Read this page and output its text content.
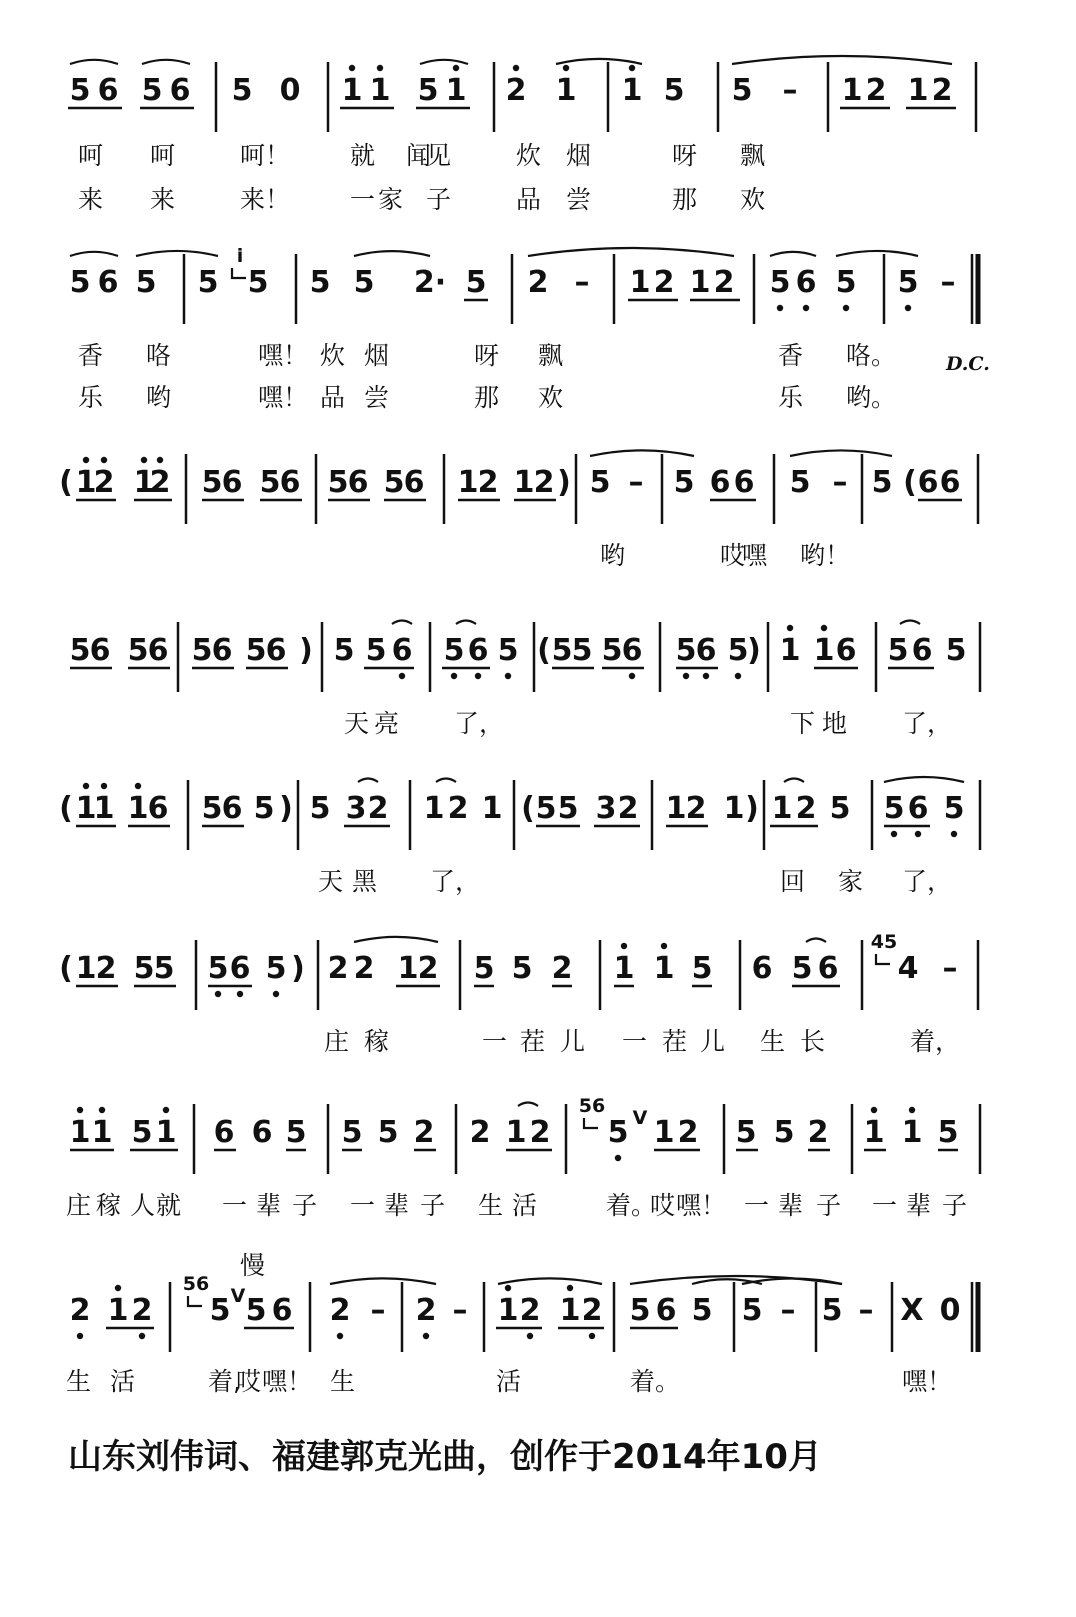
5 6 5 6 5 0 1 1 5 1 2 1 1 5 5 – 1 2 1 2
呵 呵	呵！ 就 闻
见	炊 烟	呀 飘
来 来	来！ 一 家 子	品 尝	那 欢
5 6 5 5 5 5 5 2· 5 2 – 1 2 1 2 5 6 5 5 –
i
香 咯	嘿！ 炊 烟	呀 飘	香 咯。
乐 哟	嘿！ 品 尝	那 欢	乐 哟。
D.C.
( 1
2 1
2 5 6 5 6 5 6 5 6 1 2 1 2 ) 5 – 5 6 6 5 – 5 ( 6 6
哟	哎
嘿 哟！
5 6 5 6 5 6 5 6 ) 5 5 6 5 6 5 ( 5 5 6
5 5 6 5
) 1 1 6 5 6 5
天 亮 了，	下 地 了，
( 1
1 1 6 5 6 5 ) 5 3 2 1 2 1 ( 5 5 3 2 1 2 1 ) 1 2 5 5 6 5
天 黑 了，	回 家 了，
( 1 2 5 5 5 6 5 ) 2 2 1 2 5 5 2 1 1 5 6 5 6 4 –
45
庄 稼	一 茬 儿 一 茬 儿 生 长	着，
1 1 5 1 6 6 5 5 5 2 2 1 2 5 1 2 5 5 2 1 1 5
56
V
庄 稼 人 就 一 辈 子 一 辈 子 生 活	着。
哎 嘿！ 一 辈 子 一 辈 子
2 1 2 5 5 6 2 – 2 – 1 2 1 2 5 6 5 5 – 5 – X 0
56
V
慢
生 活	着,
哎 嘿！ 生	活	着。	嘿！
山东刘伟词、福建郭克光曲，创作于2014年10月
